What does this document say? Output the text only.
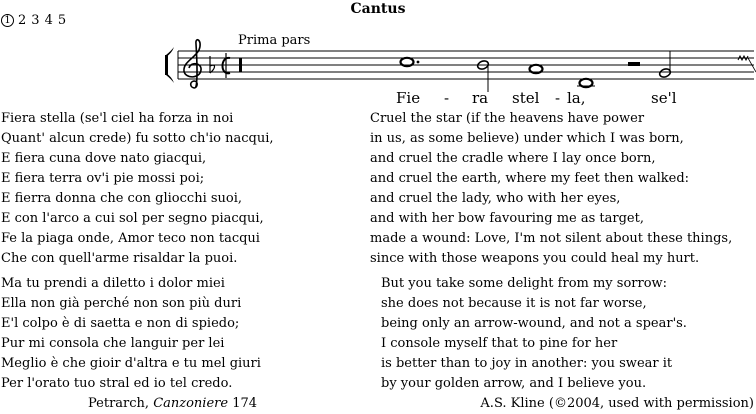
1 2 3 4 5
Cantus
Prima pars
Fie - ra stel - la,	se'l
Fiera stella (se'l ciel ha forza in noi
Quant' alcun crede) fu sotto ch'io nacqui,
E fiera cuna dove nato giacqui,
E fiera terra ov'i pie mossi poi;
E fierra donna che con gliocchi suoi,
E con l'arco a cui sol per segno piacqui,
Fe la piaga onde, Amor teco non tacqui
Che con quell'arme risaldar la puoi.
Cruel the star (if the heavens have power
in us, as some believe) under which I was born,
and cruel the cradle where I lay once born,
and cruel the earth, where my feet then walked:
and cruel the lady, who with her eyes,
and with her bow favouring me as target,
made a wound: Love, I'm not silent about these things,
since with those weapons you could heal my hurt.
Ma tu prendi a diletto i dolor miei
Ella non già perché non son più duri
E'l colpo è di saetta e non di spiedo;
Pur mi consola che languir per lei
Meglio è che gioir d'altra e tu mel giuri
Per l'orato tuo stral ed io tel credo.
But you take some delight from my sorrow:
she does not because it is not far worse,
being only an arrow-wound, and not a spear's.
I console myself that to pine for her
is better than to joy in another: you swear it
by your golden arrow, and I believe you.
Petrarch, Canzoniere 174	A.S. Kline (©2004, used with permission)
